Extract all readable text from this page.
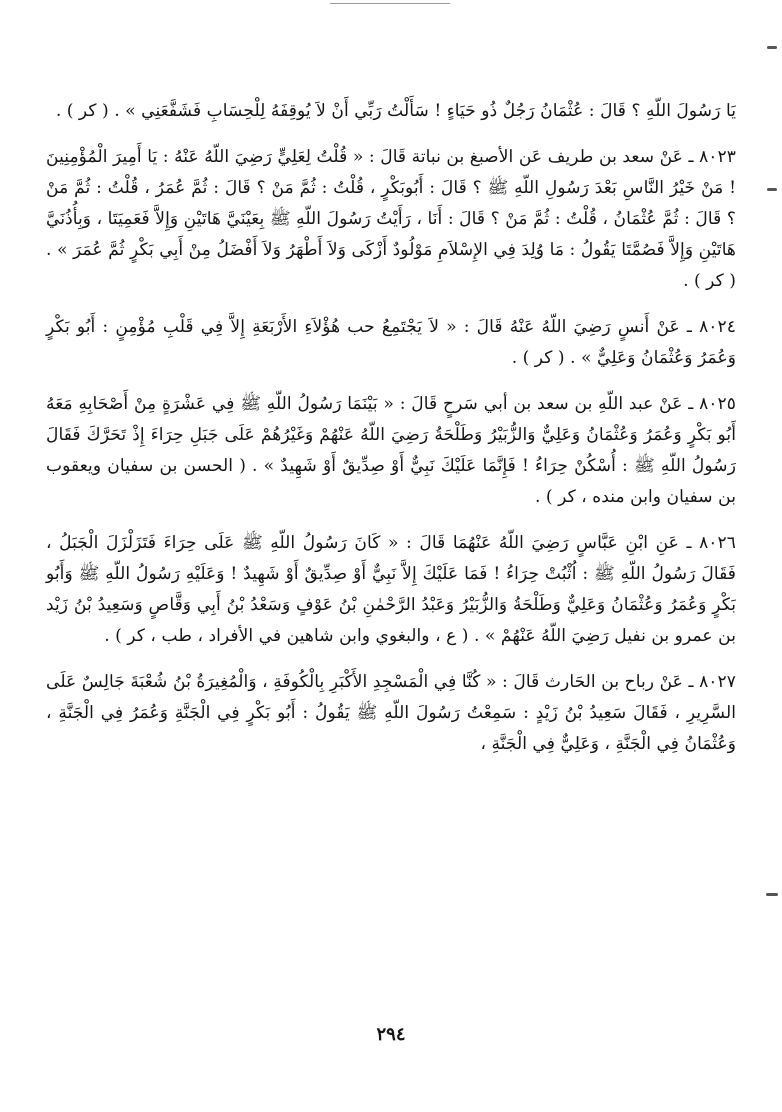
يَا رَسُولَ اللّهِ ؟ قَالَ : عُثْمَانُ رَجُلٌ ذُو حَيَاءٍ ! سَأَلْتُ رَبِّي أَنْ لاَ يُوقِفَهُ لِلْحِسَابِ فَشَفَّعَنِي » . ( كر ) .

٨٠٢٣ ـ عَنْ سعد بن طريف عَن الأصبغ بن نباتة قَالَ : « قُلْتُ لِعَلِيٍّ رَضِيَ اللّهُ عَنْهُ : يَا أَمِيرَ الْمُؤْمِنِينَ ! مَنْ خَيْرُ النَّاسِ بَعْدَ رَسُولِ اللّهِ ﷺ ؟ قَالَ : أَبُوبَكْرٍ ، قُلْتُ : ثُمَّ مَنْ ؟ قَالَ : ثُمَّ عُمَرُ ، قُلْتُ : ثُمَّ مَنْ ؟ قَالَ : ثُمَّ عُثْمَانُ ، قُلْتُ : ثُمَّ مَنْ ؟ قَالَ : أَنَا ، رَأَيْتُ رَسُولَ اللّهِ ﷺ بِعَيْنَيَّ هَاتَيْنِ وَإِلاَّ فَعَمِيَتَا ، وَبِأُذُنَيَّ هَاتَيْنِ وَإِلاَّ فَصُمَّتَا يَقُولُ : مَا وُلِدَ فِي الإِسْلاَمِ مَوْلُودٌ أَزْكَى وَلاَ أَطْهَرُ وَلاَ أَفْضَلُ مِنْ أَبِي بَكْرٍ ثُمَّ عُمَرَ » . ( كر ) .

٨٠٢٤ ـ عَنْ أَنسٍ رَضِيَ اللّهُ عَنْهُ قَالَ : « لاَ يَجْتَمِعُ حب هُؤْلاَءِ الأَرْبَعَةِ إِلاَّ فِي قَلْبِ مُؤْمِنٍ : أَبُو بَكْرٍ وَعُمَرُ وَعُثْمَانُ وَعَلِيٌّ » . ( كر ) .

٨٠٢٥ ـ عَنْ عبد اللّهِ بن سعد بن أبي سَرحٍ قَالَ : « بَيْنَمَا رَسُولُ اللّهِ ﷺ فِي عَشْرَةٍ مِنْ أَصْحَابِهِ مَعَهُ أَبُو بَكْرٍ وَعُمَرُ وَعُثْمَانُ وَعَلِيٌّ وَالزُّبَيْرُ وَطَلْحَةُ رَضِيَ اللّهُ عَنْهُمْ وَغَيْرُهُمْ عَلَى جَبَلِ حِرَاءَ إِذْ تَحَرَّكَ فَقَالَ رَسُولُ اللّهِ ﷺ : أُسْكُنْ حِرَاءُ ! فَإِنَّمَا عَلَيْكَ نَبِيٌّ أَوْ صِدِّيقٌ أَوْ شَهِيدٌ » . ( الحسن بن سفيان ويعقوب بن سفيان وابن منده ، كر ) .

٨٠٢٦ ـ عَنِ ابْنِ عَبَّاسٍ رَضِيَ اللّهُ عَنْهُمَا قَالَ : « كَانَ رَسُولُ اللّهِ ﷺ عَلَى حِرَاءَ فَتَزَلْزَلَ الْجَبَلُ ، فَقَالَ رَسُولُ اللّهِ ﷺ : اُثْبُتْ حِرَاءُ ! فَمَا عَلَيْكَ إِلاَّ نَبِيٌّ أَوْ صِدِّيقٌ أَوْ شَهِيدٌ ! وَعَلَيْهِ رَسُولُ اللّهِ ﷺ وَأَبُو بَكْرٍ وَعُمَرُ وَعُثْمَانُ وَعَلِيٌّ وَطَلْحَةُ وَالزُّبَيْرُ وَعَبْدُ الرَّحْمٰنِ بْنُ عَوْفٍ وَسَعْدُ بْنُ أَبِي وَقَّاصٍ وَسَعِيدُ بْنُ زَيْد بن عمرو بن نفيل رَضِيَ اللّهُ عَنْهُمْ » . ( ع ، والبغوي وابن شاهين في الأفراد ، طب ، كر ) .

٨٠٢٧ ـ عَنْ رباح بن الحَارث قَالَ : « كُنَّا فِي الْمَسْجِدِ الأَكْبَرِ بِالْكُوفَةِ ، وَالْمُغِيرَةُ بْنُ شُعْبَةَ جَالِسٌ عَلَى السَّرِيرِ ، فَقَالَ سَعِيدُ بْنُ زَيْدٍ : سَمِعْتُ رَسُولَ اللّهِ ﷺ يَقُولُ : أَبُو بَكْرٍ فِي الْجَنَّةِ وَعُمَرُ فِي الْجَنَّةِ ، وَعُثْمَانُ فِي الْجَنَّةِ ، وَعَلِيٌّ فِي الْجَنَّةِ ،

٢٩٤
